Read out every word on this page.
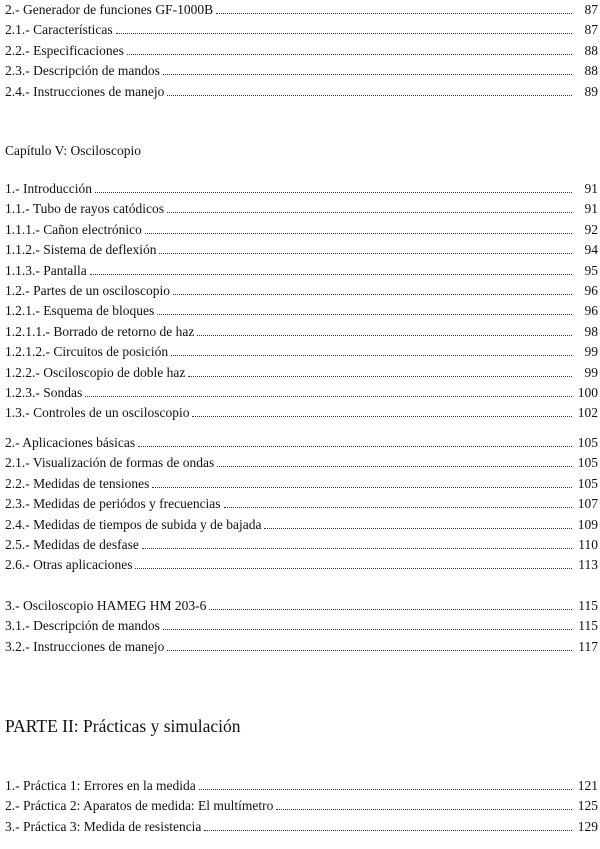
2.- Generador de funciones GF-1000B	87
2.1.- Características	87
2.2.- Especificaciones	88
2.3.- Descripción de mandos	88
2.4.- Instrucciones de manejo	89
Capítulo V: Osciloscopio
1.- Introducción	91
1.1.- Tubo de rayos catódicos	91
1.1.1.- Cañon electrónico	92
1.1.2.- Sistema de deflexión	94
1.1.3.- Pantalla	95
1.2.- Partes de un osciloscopio	96
1.2.1.- Esquema de bloques	96
1.2.1.1.- Borrado de retorno de haz	98
1.2.1.2.- Circuitos de posición	99
1.2.2.- Osciloscopio de doble haz	99
1.2.3.- Sondas	100
1.3.- Controles de un osciloscopio	102
2.- Aplicaciones básicas	105
2.1.- Visualización de formas de ondas	105
2.2.- Medidas de tensiones	105
2.3.- Medidas de periódos y frecuencias	107
2.4.- Medidas de tiempos de subida y de bajada	109
2.5.- Medidas de desfase	110
2.6.- Otras aplicaciones	113
3.- Osciloscopio HAMEG HM 203-6	115
3.1.- Descripción de mandos	115
3.2.- Instrucciones de manejo	117
PARTE II: Prácticas y simulación
1.- Práctica 1: Errores en la medida	121
2.- Práctica 2: Aparatos de medida: El multímetro	125
3.- Práctica 3: Medida de resistencia	129
